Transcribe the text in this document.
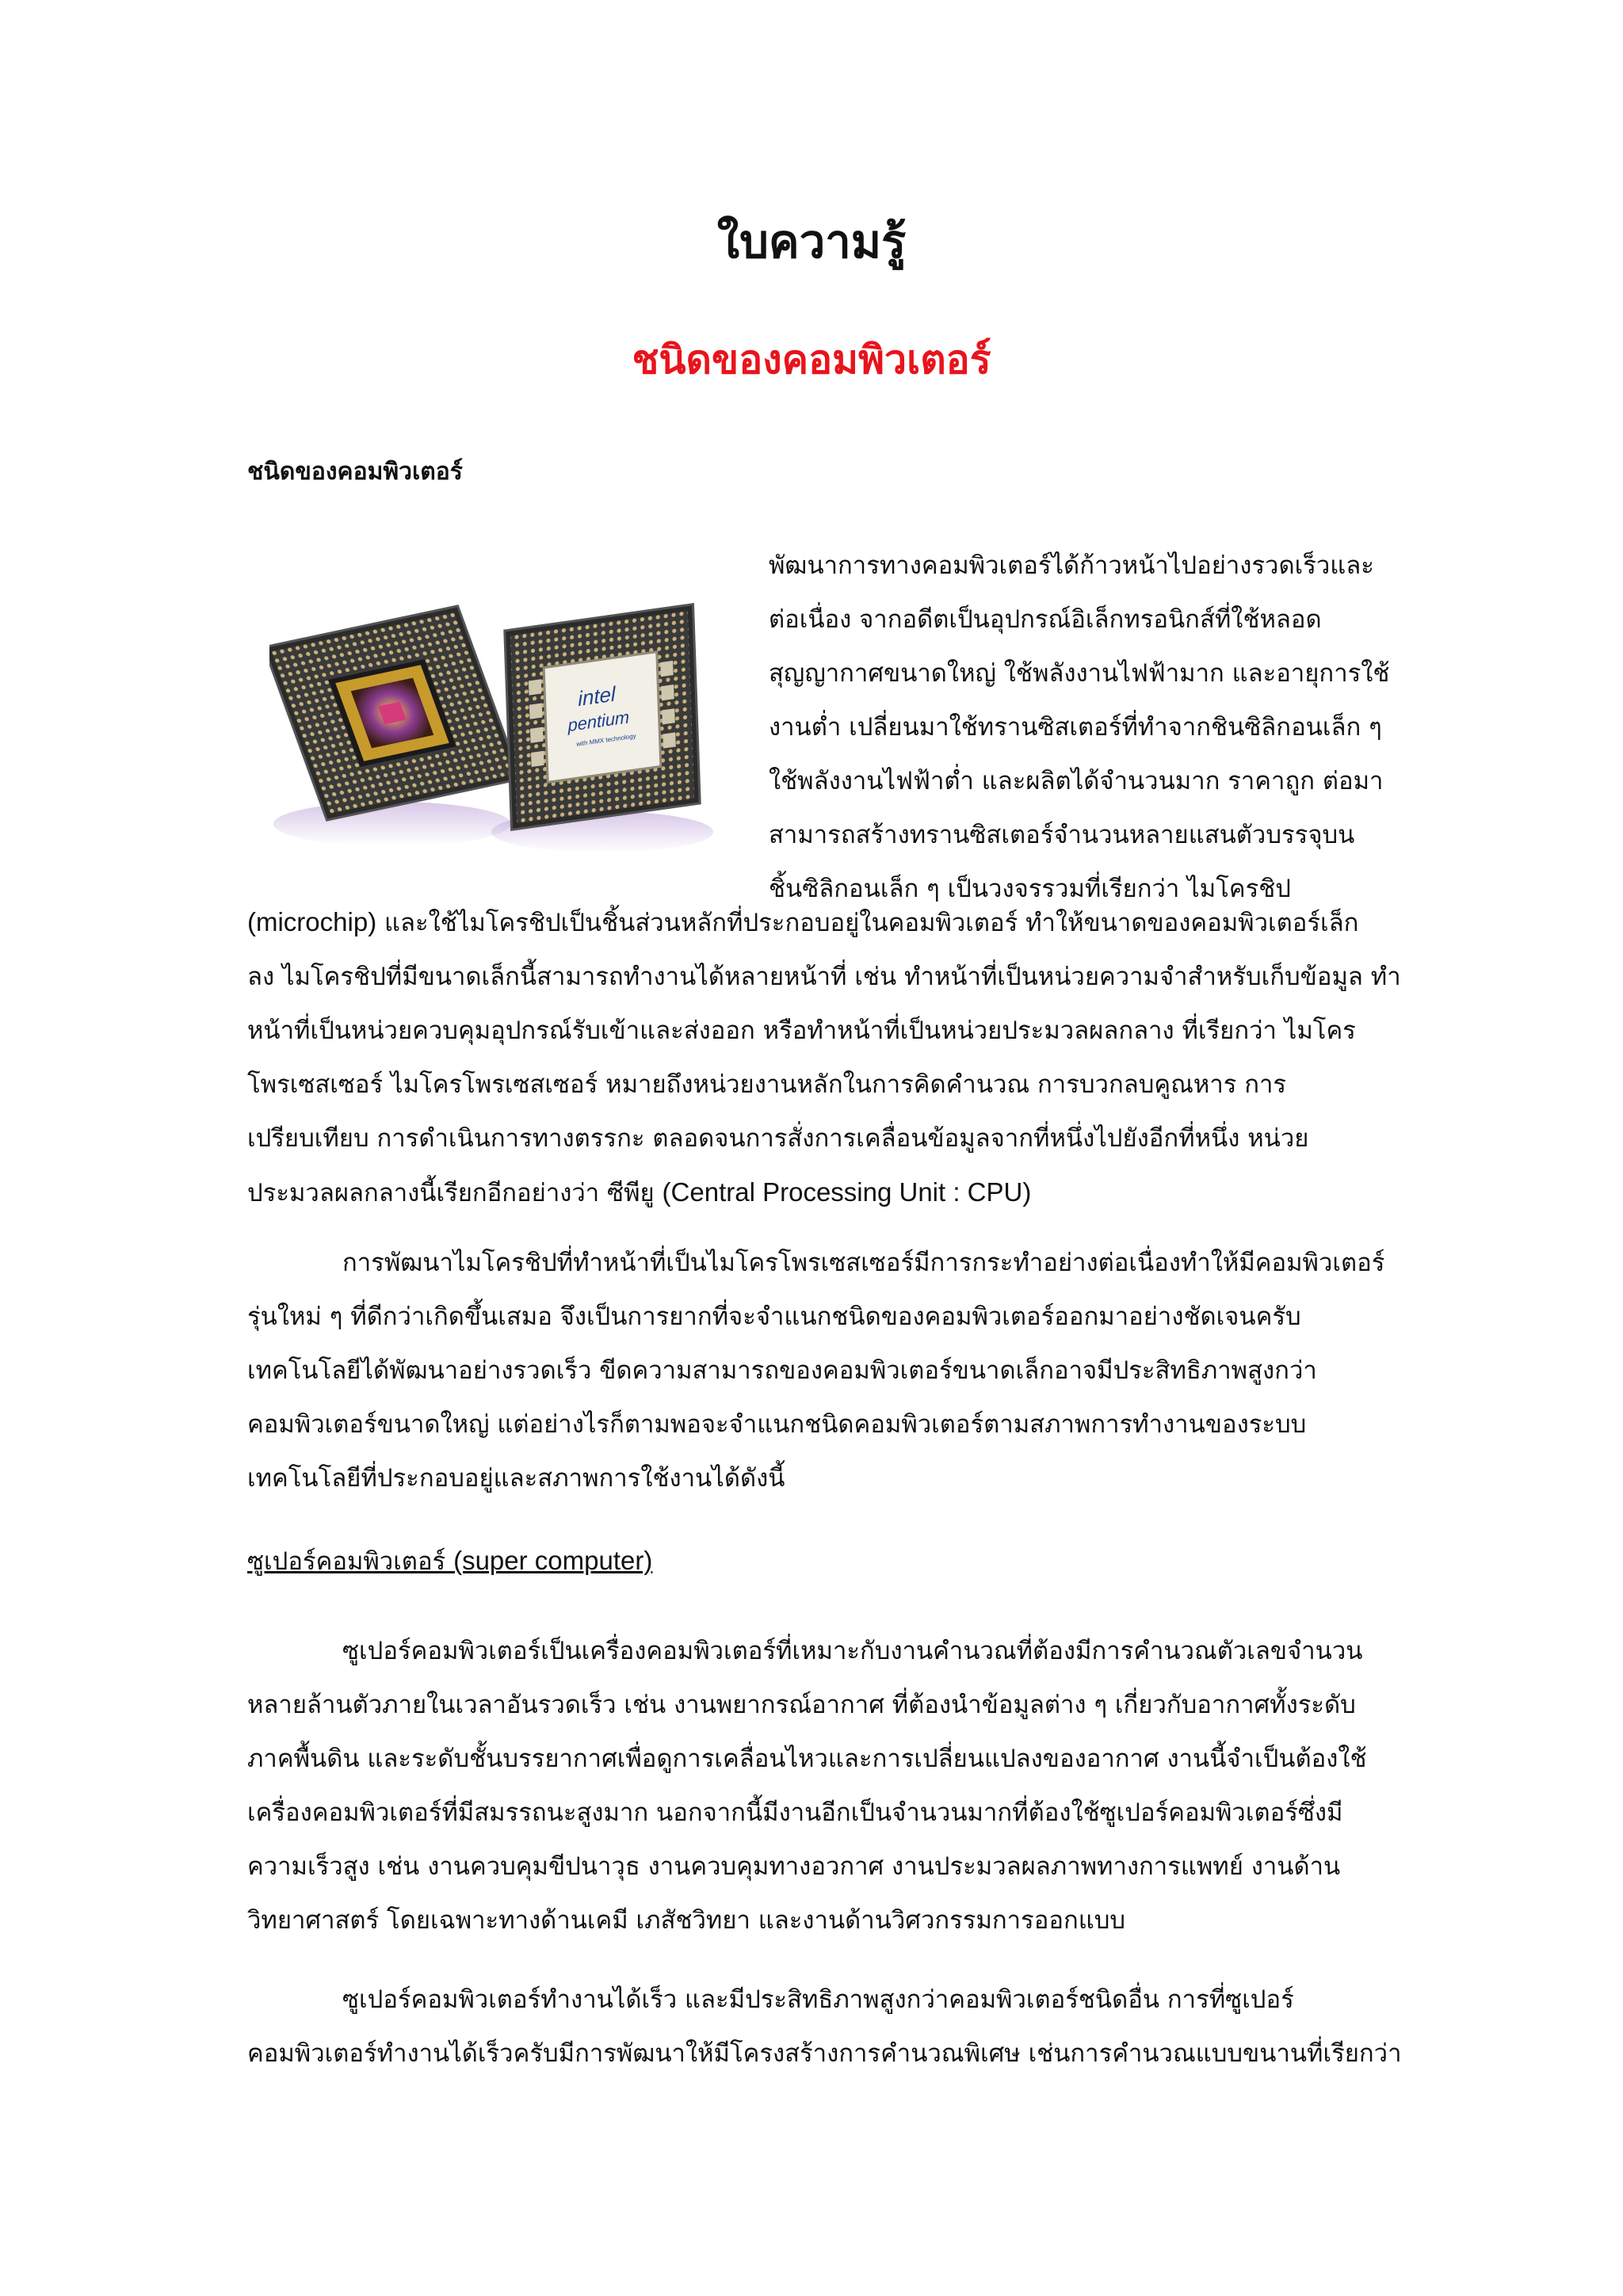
ใบความรู้
ชนิดของคอมพิวเตอร์
ชนิดของคอมพิวเตอร์
intel
pentium
with MMX technology
พัฒนาการทางคอมพิวเตอร์ได้ก้าวหน้าไปอย่างรวดเร็วและ
ต่อเนื่อง จากอดีตเป็นอุปกรณ์อิเล็กทรอนิกส์ที่ใช้หลอด
สุญญากาศขนาดใหญ่ ใช้พลังงานไฟฟ้ามาก และอายุการใช้
งานต่ำ เปลี่ยนมาใช้ทรานซิสเตอร์ที่ทำจากชินซิลิกอนเล็ก ๆ
ใช้พลังงานไฟฟ้าต่ำ และผลิตได้จำนวนมาก ราคาถูก ต่อมา
สามารถสร้างทรานซิสเตอร์จำนวนหลายแสนตัวบรรจุบน
ชิ้นซิลิกอนเล็ก ๆ เป็นวงจรรวมที่เรียกว่า ไมโครชิป
(microchip) และใช้ไมโครชิปเป็นชิ้นส่วนหลักที่ประกอบอยู่ในคอมพิวเตอร์ ทำให้ขนาดของคอมพิวเตอร์เล็ก
ลง ไมโครชิปที่มีขนาดเล็กนี้สามารถทำงานได้หลายหน้าที่ เช่น ทำหน้าที่เป็นหน่วยความจำสำหรับเก็บข้อมูล ทำ
หน้าที่เป็นหน่วยควบคุมอุปกรณ์รับเข้าและส่งออก หรือทำหน้าที่เป็นหน่วยประมวลผลกลาง ที่เรียกว่า ไมโคร
โพรเซสเซอร์ ไมโครโพรเซสเซอร์ หมายถึงหน่วยงานหลักในการคิดคำนวณ การบวกลบคูณหาร การ
เปรียบเทียบ การดำเนินการทางตรรกะ ตลอดจนการสั่งการเคลื่อนข้อมูลจากที่หนึ่งไปยังอีกที่หนึ่ง หน่วย
ประมวลผลกลางนี้เรียกอีกอย่างว่า ซีพียู (Central Processing Unit : CPU)
การพัฒนาไมโครชิปที่ทำหน้าที่เป็นไมโครโพรเซสเซอร์มีการกระทำอย่างต่อเนื่องทำให้มีคอมพิวเตอร์
รุ่นใหม่ ๆ ที่ดีกว่าเกิดขึ้นเสมอ จึงเป็นการยากที่จะจำแนกชนิดของคอมพิวเตอร์ออกมาอย่างชัดเจนครับ
เทคโนโลยีได้พัฒนาอย่างรวดเร็ว ขีดความสามารถของคอมพิวเตอร์ขนาดเล็กอาจมีประสิทธิภาพสูงกว่า
คอมพิวเตอร์ขนาดใหญ่ แต่อย่างไรก็ตามพอจะจำแนกชนิดคอมพิวเตอร์ตามสภาพการทำงานของระบบ
เทคโนโลยีที่ประกอบอยู่และสภาพการใช้งานได้ดังนี้
ซูเปอร์คอมพิวเตอร์ (super computer)
ซูเปอร์คอมพิวเตอร์เป็นเครื่องคอมพิวเตอร์ที่เหมาะกับงานคำนวณที่ต้องมีการคำนวณตัวเลขจำนวน
หลายล้านตัวภายในเวลาอันรวดเร็ว เช่น งานพยากรณ์อากาศ ที่ต้องนำข้อมูลต่าง ๆ เกี่ยวกับอากาศทั้งระดับ
ภาคพื้นดิน และระดับชั้นบรรยากาศเพื่อดูการเคลื่อนไหวและการเปลี่ยนแปลงของอากาศ งานนี้จำเป็นต้องใช้
เครื่องคอมพิวเตอร์ที่มีสมรรถนะสูงมาก นอกจากนี้มีงานอีกเป็นจำนวนมากที่ต้องใช้ซูเปอร์คอมพิวเตอร์ซึ่งมี
ความเร็วสูง เช่น งานควบคุมขีปนาวุธ งานควบคุมทางอวกาศ งานประมวลผลภาพทางการแพทย์ งานด้าน
วิทยาศาสตร์ โดยเฉพาะทางด้านเคมี เภสัชวิทยา และงานด้านวิศวกรรมการออกแบบ
ซูเปอร์คอมพิวเตอร์ทำงานได้เร็ว และมีประสิทธิภาพสูงกว่าคอมพิวเตอร์ชนิดอื่น การที่ซูเปอร์
คอมพิวเตอร์ทำงานได้เร็วครับมีการพัฒนาให้มีโครงสร้างการคำนวณพิเศษ เช่นการคำนวณแบบขนานที่เรียกว่า
